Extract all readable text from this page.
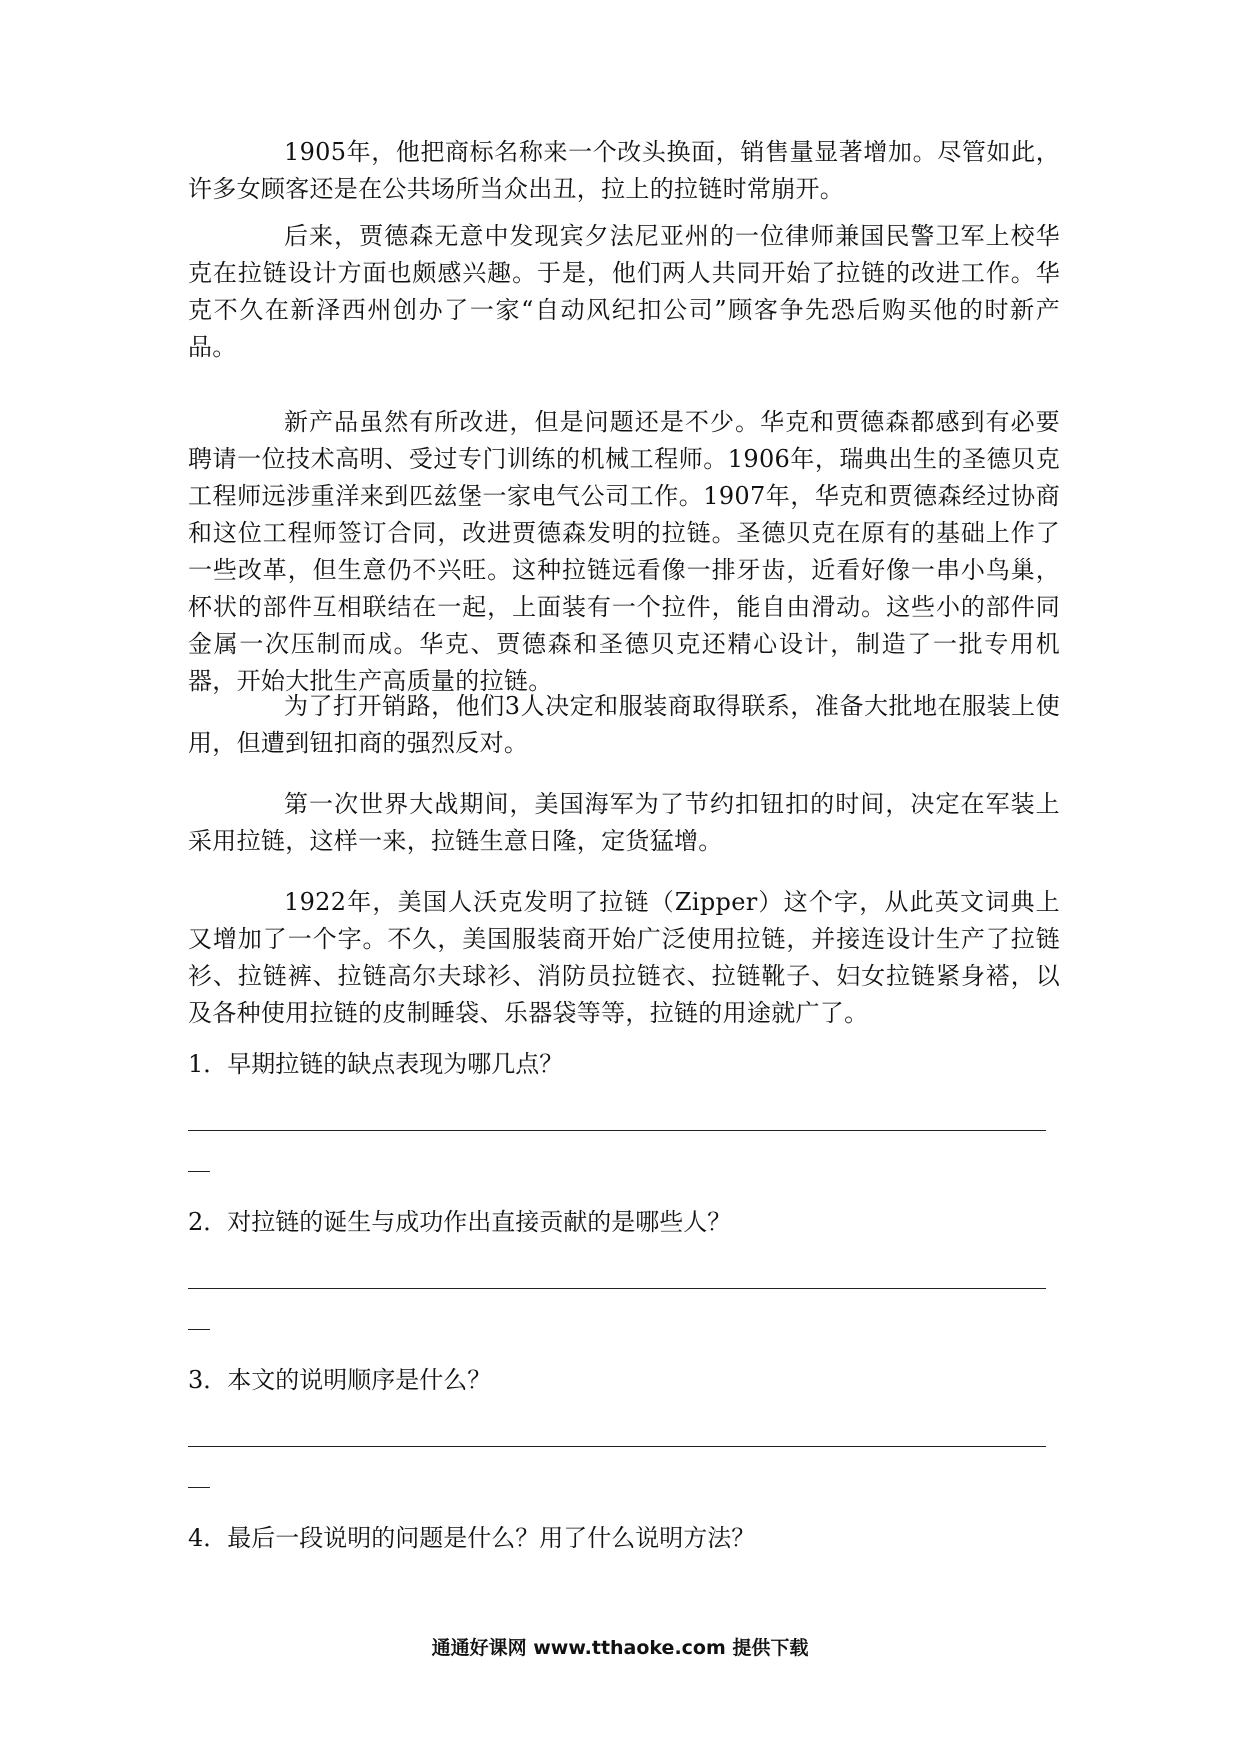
1905年，他把商标名称来一个改头换面，销售量显著增加。尽管如此，许多女顾客还是在公共场所当众出丑，拉上的拉链时常崩开。

后来，贾德森无意中发现宾夕法尼亚州的一位律师兼国民警卫军上校华克在拉链设计方面也颇感兴趣。于是，他们两人共同开始了拉链的改进工作。华克不久在新泽西州创办了一家“自动风纪扣公司”顾客争先恐后购买他的时新产品。

新产品虽然有所改进，但是问题还是不少。华克和贾德森都感到有必要聘请一位技术高明、受过专门训练的机械工程师。1906年，瑞典出生的圣德贝克工程师远涉重洋来到匹兹堡一家电气公司工作。1907年，华克和贾德森经过协商和这位工程师签订合同，改进贾德森发明的拉链。圣德贝克在原有的基础上作了一些改革，但生意仍不兴旺。这种拉链远看像一排牙齿，近看好像一串小鸟巢，杯状的部件互相联结在一起，上面装有一个拉件，能自由滑动。这些小的部件同金属一次压制而成。华克、贾德森和圣德贝克还精心设计，制造了一批专用机器，开始大批生产高质量的拉链。

为了打开销路，他们3人决定和服装商取得联系，准备大批地在服装上使用，但遭到钮扣商的强烈反对。

第一次世界大战期间，美国海军为了节约扣钮扣的时间，决定在军装上采用拉链，这样一来，拉链生意日隆，定货猛增。

1922年，美国人沃克发明了拉链（Zipper）这个字，从此英文词典上又增加了一个字。不久，美国服装商开始广泛使用拉链，并接连设计生产了拉链衫、拉链裤、拉链高尔夫球衫、消防员拉链衣、拉链靴子、妇女拉链紧身褡，以及各种使用拉链的皮制睡袋、乐器袋等等，拉链的用途就广了。

1．早期拉链的缺点表现为哪几点？

2．对拉链的诞生与成功作出直接贡献的是哪些人？

3．本文的说明顺序是什么？

4．最后一段说明的问题是什么？用了什么说明方法？

通通好课网 www.tthaoke.com 提供下载
